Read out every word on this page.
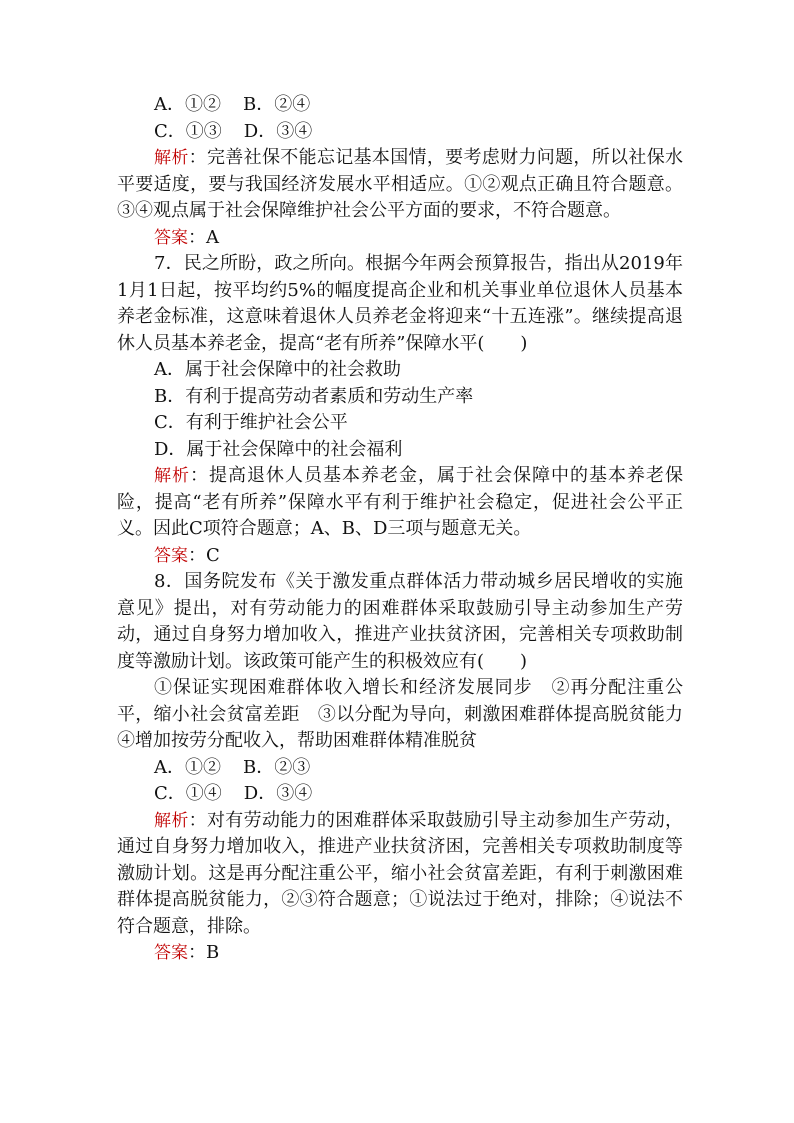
A．①② B．②④

C．①③ D．③④

解析：完善社保不能忘记基本国情，要考虑财力问题，所以社保水平要适度，要与我国经济发展水平相适应。①②观点正确且符合题意。③④观点属于社会保障维护社会公平方面的要求，不符合题意。

答案：A

7．民之所盼，政之所向。根据今年两会预算报告，指出从2019年1月1日起，按平均约5%的幅度提高企业和机关事业单位退休人员基本养老金标准，这意味着退休人员养老金将迎来“十五连涨”。继续提高退休人员基本养老金，提高“老有所养”保障水平(　　)

A．属于社会保障中的社会救助

B．有利于提高劳动者素质和劳动生产率

C．有利于维护社会公平

D．属于社会保障中的社会福利

解析：提高退休人员基本养老金，属于社会保障中的基本养老保险，提高“老有所养”保障水平有利于维护社会稳定，促进社会公平正义。因此C项符合题意；A、B、D三项与题意无关。

答案：C

8．国务院发布《关于激发重点群体活力带动城乡居民增收的实施意见》提出，对有劳动能力的困难群体采取鼓励引导主动参加生产劳动，通过自身努力增加收入，推进产业扶贫济困，完善相关专项救助制度等激励计划。该政策可能产生的积极效应有(　　)

①保证实现困难群体收入增长和经济发展同步　②再分配注重公平，缩小社会贫富差距　③以分配为导向，刺激困难群体提高脱贫能力　④增加按劳分配收入，帮助困难群体精准脱贫

A．①② B．②③

C．①④ D．③④

解析：对有劳动能力的困难群体采取鼓励引导主动参加生产劳动，通过自身努力增加收入，推进产业扶贫济困，完善相关专项救助制度等激励计划。这是再分配注重公平，缩小社会贫富差距，有利于刺激困难群体提高脱贫能力，②③符合题意；①说法过于绝对，排除；④说法不符合题意，排除。

答案：B
